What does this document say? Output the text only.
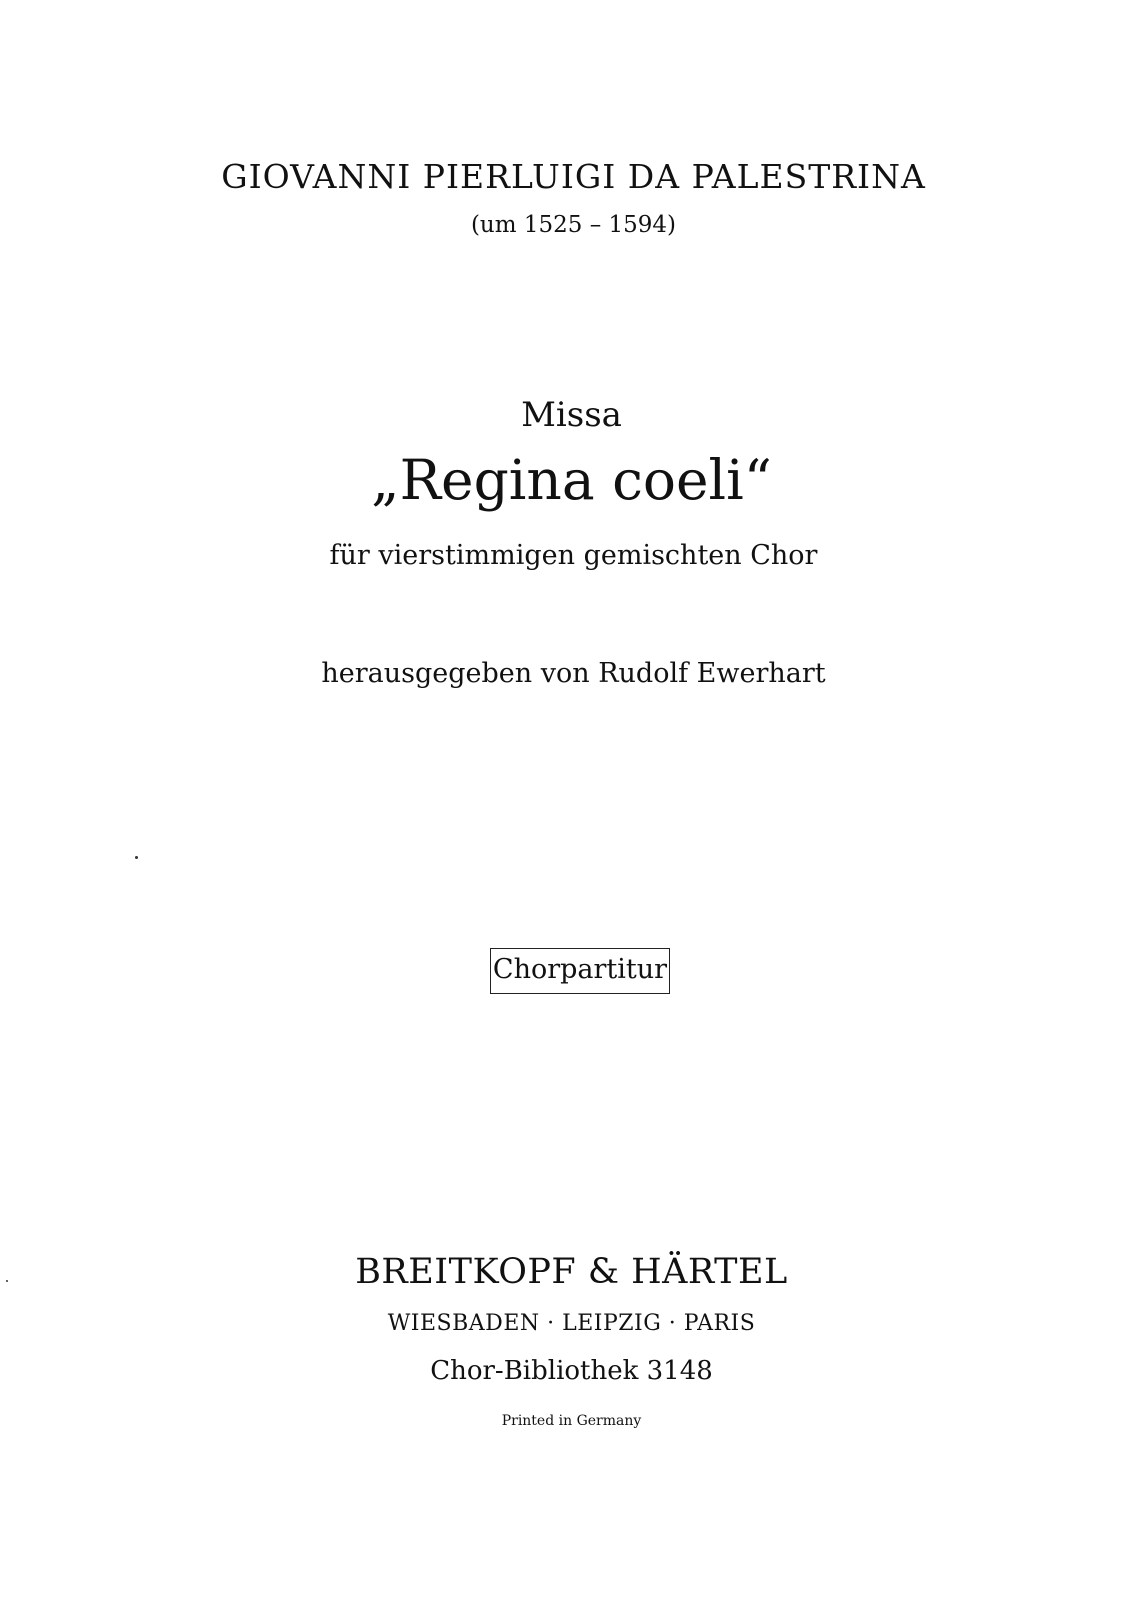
GIOVANNI PIERLUIGI DA PALESTRINA
(um 1525 – 1594)
Missa
„Regina coeli“
für vierstimmigen gemischten Chor
herausgegeben von Rudolf Ewerhart
Chorpartitur
BREITKOPF & HÄRTEL
WIESBADEN · LEIPZIG · PARIS
Chor-Bibliothek 3148
Printed in Germany
